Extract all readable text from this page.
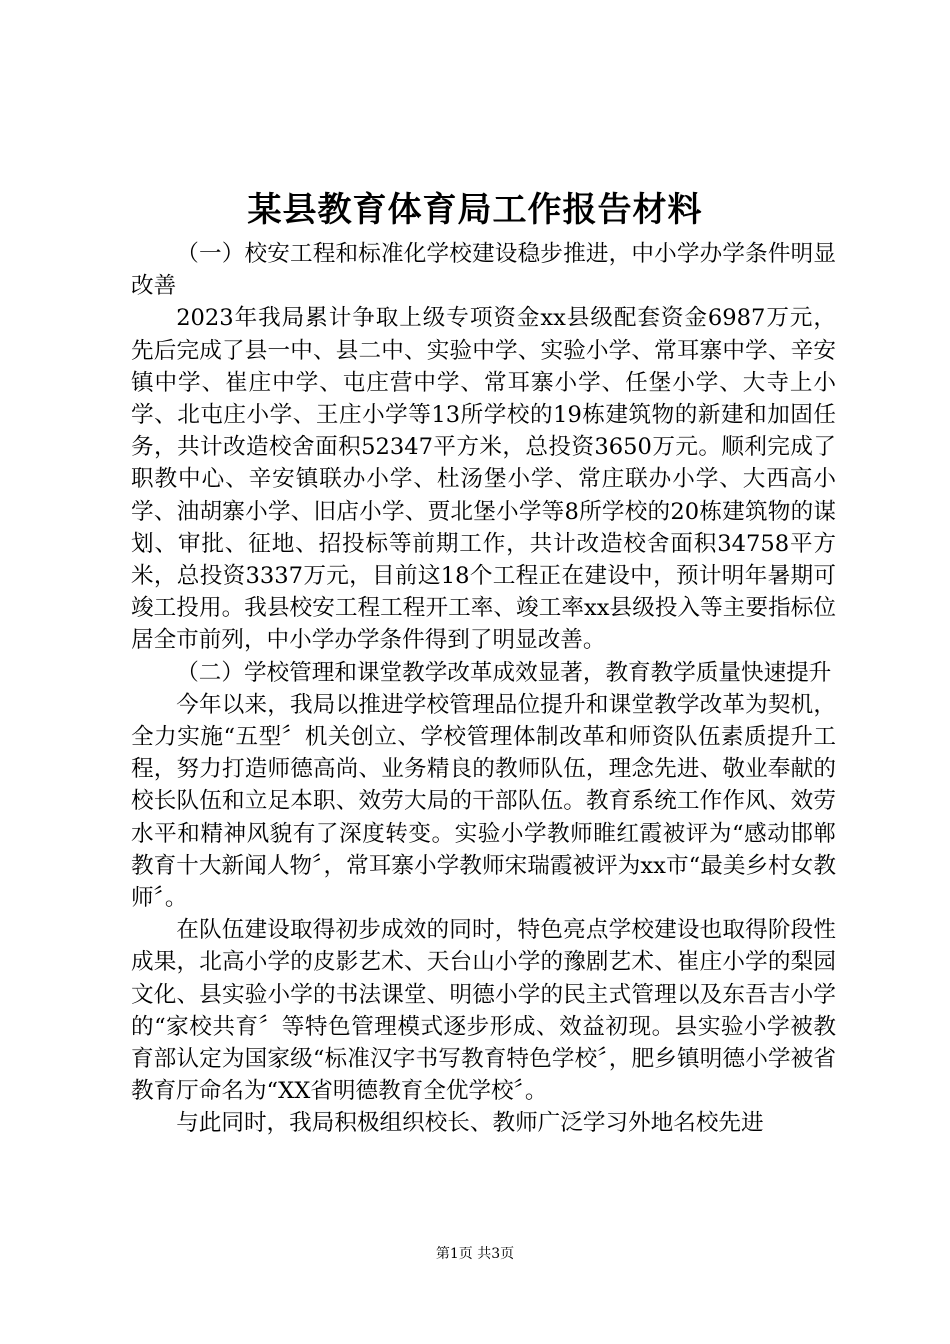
某县教育体育局工作报告材料

（一）校安工程和标准化学校建设稳步推进，中小学办学条件明显改善

2023年我局累计争取上级专项资金xx县级配套资金6987万元，先后完成了县一中、县二中、实验中学、实验小学、常耳寨中学、辛安镇中学、崔庄中学、屯庄营中学、常耳寨小学、任堡小学、大寺上小学、北屯庄小学、王庄小学等13所学校的19栋建筑物的新建和加固任务，共计改造校舍面积52347平方米，总投资3650万元。顺利完成了职教中心、辛安镇联办小学、杜汤堡小学、常庄联办小学、大西高小学、油胡寨小学、旧店小学、贾北堡小学等8所学校的20栋建筑物的谋划、审批、征地、招投标等前期工作，共计改造校舍面积34758平方米，总投资3337万元，目前这18个工程正在建设中，预计明年暑期可竣工投用。我县校安工程工程开工率、竣工率xx县级投入等主要指标位居全市前列，中小学办学条件得到了明显改善。

（二）学校管理和课堂教学改革成效显著，教育教学质量快速提升

今年以来，我局以推进学校管理品位提升和课堂教学改革为契机，全力实施“五型〞机关创立、学校管理体制改革和师资队伍素质提升工程，努力打造师德高尚、业务精良的教师队伍，理念先进、敬业奉献的校长队伍和立足本职、效劳大局的干部队伍。教育系统工作作风、效劳水平和精神风貌有了深度转变。实验小学教师睢红霞被评为“感动邯郸教育十大新闻人物〞，常耳寨小学教师宋瑞霞被评为xx市“最美乡村女教师〞。

在队伍建设取得初步成效的同时，特色亮点学校建设也取得阶段性成果，北高小学的皮影艺术、天台山小学的豫剧艺术、崔庄小学的梨园文化、县实验小学的书法课堂、明德小学的民主式管理以及东吾吉小学的“家校共育〞等特色管理模式逐步形成、效益初现。县实验小学被教育部认定为国家级“标准汉字书写教育特色学校〞，肥乡镇明德小学被省教育厅命名为“XX省明德教育全优学校〞。

与此同时，我局积极组织校长、教师广泛学习外地名校先进

第1页 共3页
